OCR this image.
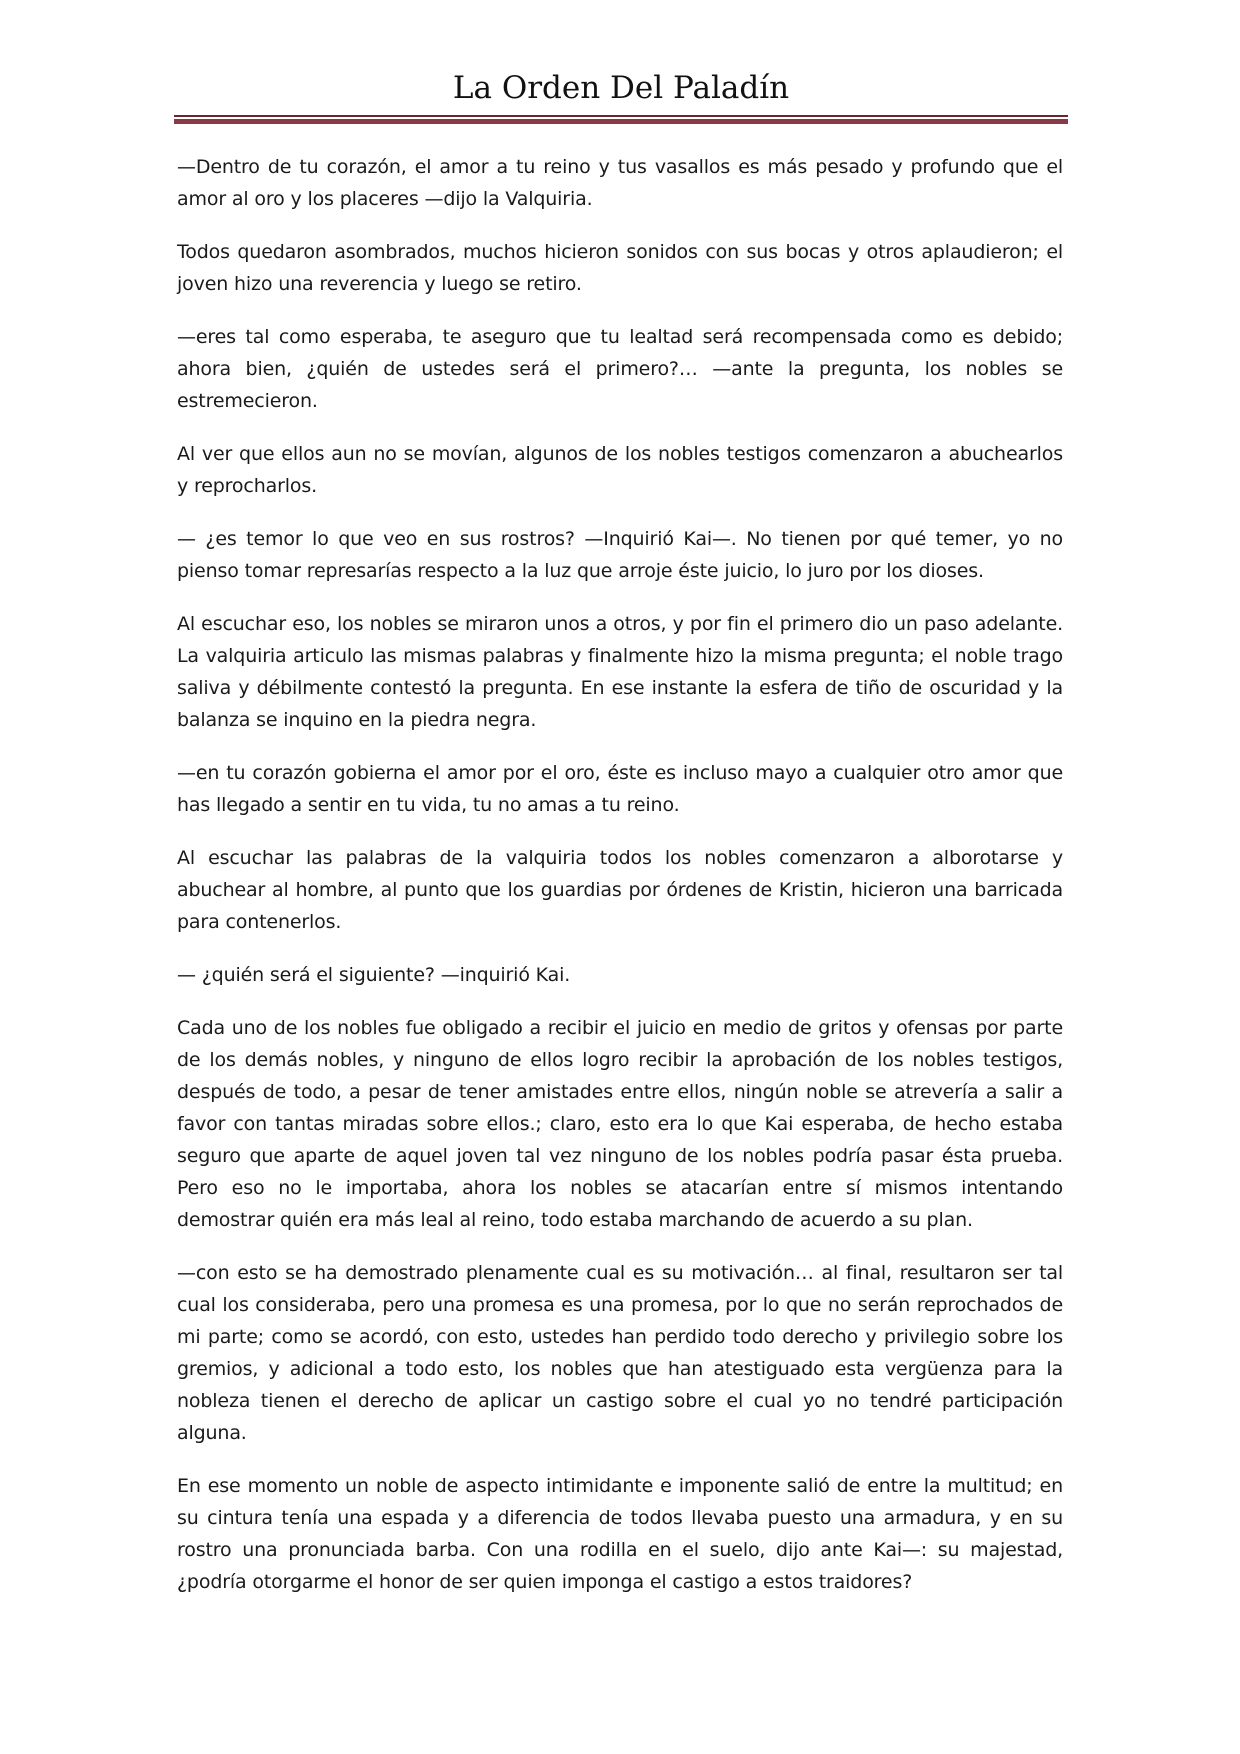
La Orden Del Paladín

—Dentro de tu corazón, el amor a tu reino y tus vasallos es más pesado y profundo que el amor al oro y los placeres —dijo la Valquiria.

Todos quedaron asombrados, muchos hicieron sonidos con sus bocas y otros aplaudieron; el joven hizo una reverencia y luego se retiro.

—eres tal como esperaba, te aseguro que tu lealtad será recompensada como es debido; ahora bien, ¿quién de ustedes será el primero?… —ante la pregunta, los nobles se estremecieron.

Al ver que ellos aun no se movían, algunos de los nobles testigos comenzaron a abuchearlos y reprocharlos.

— ¿es temor lo que veo en sus rostros? —Inquirió Kai—. No tienen por qué temer, yo no pienso tomar represarías respecto a la luz que arroje éste juicio, lo juro por los dioses.

Al escuchar eso, los nobles se miraron unos a otros, y por fin el primero dio un paso adelante. La valquiria articulo las mismas palabras y finalmente hizo la misma pregunta; el noble trago saliva y débilmente contestó la pregunta. En ese instante la esfera de tiño de oscuridad y la balanza se inquino en la piedra negra.

—en tu corazón gobierna el amor por el oro, éste es incluso mayo a cualquier otro amor que has llegado a sentir en tu vida, tu no amas a tu reino.

Al escuchar las palabras de la valquiria todos los nobles comenzaron a alborotarse y abuchear al hombre, al punto que los guardias por órdenes de Kristin, hicieron una barricada para contenerlos.

— ¿quién será el siguiente? —inquirió Kai.

Cada uno de los nobles fue obligado a recibir el juicio en medio de gritos y ofensas por parte de los demás nobles, y ninguno de ellos logro recibir la aprobación de los nobles testigos, después de todo, a pesar de tener amistades entre ellos, ningún noble se atrevería a salir a favor con tantas miradas sobre ellos.; claro, esto era lo que Kai esperaba, de hecho estaba seguro que aparte de aquel joven tal vez ninguno de los nobles podría pasar ésta prueba. Pero eso no le importaba, ahora los nobles se atacarían entre sí mismos intentando demostrar quién era más leal al reino, todo estaba marchando de acuerdo a su plan.

—con esto se ha demostrado plenamente cual es su motivación… al final, resultaron ser tal cual los consideraba, pero una promesa es una promesa, por lo que no serán reprochados de mi parte; como se acordó, con esto, ustedes han perdido todo derecho y privilegio sobre los gremios, y adicional a todo esto, los nobles que han atestiguado esta vergüenza para la nobleza tienen el derecho de aplicar un castigo sobre el cual yo no tendré participación alguna.

En ese momento un noble de aspecto intimidante e imponente salió de entre la multitud; en su cintura tenía una espada y a diferencia de todos llevaba puesto una armadura, y en su rostro una pronunciada barba. Con una rodilla en el suelo, dijo ante Kai—: su majestad, ¿podría otorgarme el honor de ser quien imponga el castigo a estos traidores?
